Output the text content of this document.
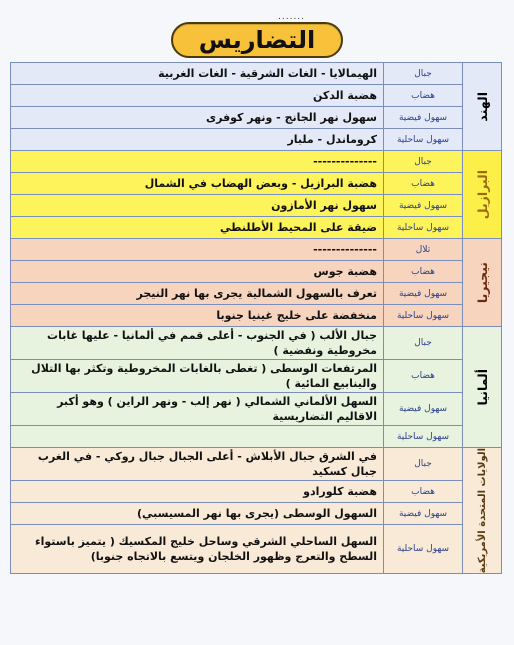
.......
التضاريس
الهند
جبال
الهيمالايا - الغات الشرقية - الغات الغربية
هضاب
هضبة الدكن
سهول فيضية
سهول نهر الجانج - ونهر كوفرى
سهول ساحلية
كروماندل - ملبار
البرازيل
جبال
--------------
هضاب
هضبة البرازيل - وبعض الهضاب في الشمال
سهول فيضية
سهول نهر الأمازون
سهول ساحلية
ضيقة على المحيط الأطلنطي
نيجيريا
تلال
--------------
هضاب
هضبة جوس
سهول فيضية
تعرف بالسهول الشمالية يجرى بها نهر النيجر
سهول ساحلية
منخفضة على خليج غينيا جنوبا
ألمانيا
جبال
جبال الألب ( في الجنوب - أعلى قمم في ألمانيا - عليها غابات مخروطية ونفضية )
هضاب
المرتفعات الوسطى ( تغطى بالغابات المخروطية وتكثر بها التلال والينابيع المائية )
سهول فيضية
السهل الألماني الشمالي ( نهر إلب - ونهر الراين ) وهو أكبر الاقاليم التضاريسية
سهول ساحلية
الولايات المتحدة الأمريكية
جبال
في الشرق جبال الأبلاش - أعلى الجبال جبال روكي - في الغرب جبال كسكيد
هضاب
هضبة كلورادو
سهول فيضية
السهول الوسطى (يجرى بها نهر المسيسبي)
سهول ساحلية
السهل الساحلي الشرقي وساحل خليج المكسيك ( يتميز باستواء السطح والتعرج وظهور الخلجان ويتسع بالاتجاه جنوبا)
